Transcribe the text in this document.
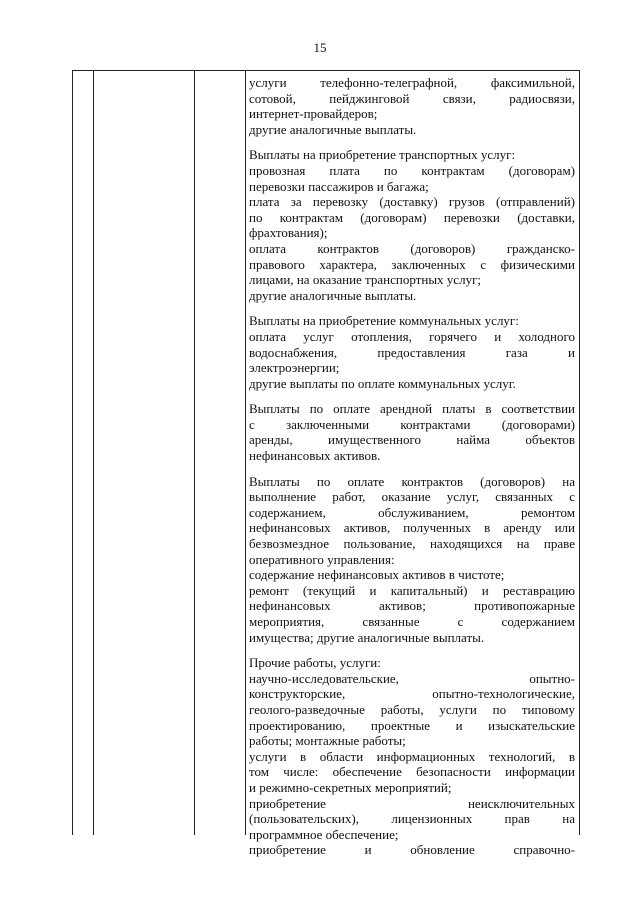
15
услуги телефонно-телеграфной, факсимильной,
сотовой, пейджинговой связи, радиосвязи,
интернет-провайдеров;
другие аналогичные выплаты.
Выплаты на приобретение транспортных услуг:
провозная плата по контрактам (договорам)
перевозки пассажиров и багажа;
плата за перевозку (доставку) грузов (отправлений)
по контрактам (договорам) перевозки (доставки,
фрахтования);
оплата контрактов (договоров) гражданско-
правового характера, заключенных с физическими
лицами, на оказание транспортных услуг;
другие аналогичные выплаты.
Выплаты на приобретение коммунальных услуг:
оплата услуг отопления, горячего и холодного
водоснабжения, предоставления газа и
электроэнергии;
другие выплаты по оплате коммунальных услуг.
Выплаты по оплате арендной платы в соответствии
с заключенными контрактами (договорами)
аренды, имущественного найма объектов
нефинансовых активов.
Выплаты по оплате контрактов (договоров) на
выполнение работ, оказание услуг, связанных с
содержанием, обслуживанием, ремонтом
нефинансовых активов, полученных в аренду или
безвозмездное пользование, находящихся на праве
оперативного управления:
содержание нефинансовых активов в чистоте;
ремонт (текущий и капитальный) и реставрацию
нефинансовых активов; противопожарные
мероприятия, связанные с содержанием
имущества; другие аналогичные выплаты.
Прочие работы, услуги:
научно-исследовательские, опытно-
конструкторские, опытно-технологические,
геолого-разведочные работы, услуги по типовому
проектированию, проектные и изыскательские
работы; монтажные работы;
услуги в области информационных технологий, в
том числе: обеспечение безопасности информации
и режимно-секретных мероприятий;
приобретение неисключительных
(пользовательских), лицензионных прав на
программное обеспечение;
приобретение и обновление справочно-
